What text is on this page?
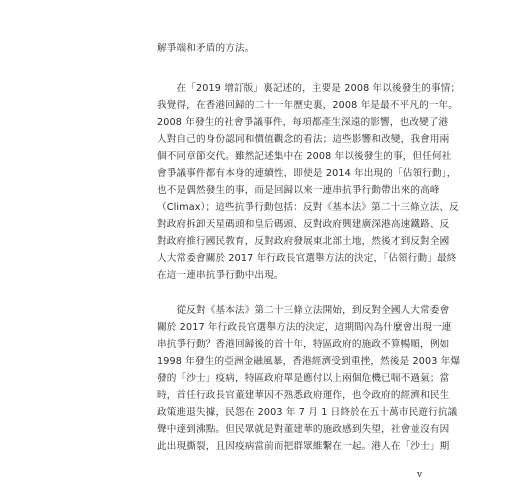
解爭端和矛盾的方法。
　　在「2019 增訂版」裏記述的，主要是 2008 年以後發生的事情；
我覺得，在香港回歸的二十一年歷史裏，2008 年是最不平凡的一年。
2008 年發生的社會爭議事件，每項都產生深遠的影響，也改變了港
人對自己的身份認同和價值觀念的看法；這些影響和改變，我會用兩
個不同章節交代。雖然記述集中在 2008 年以後發生的事，但任何社
會爭議事件都有本身的連續性，即使是 2014 年出現的「佔領行動」，
也不是偶然發生的事，而是回歸以來一連串抗爭行動帶出來的高峰
（Climax）；這些抗爭行動包括：反對《基本法》第二十三條立法、反
對政府拆卸天星碼頭和皇后碼頭、反對政府興建廣深港高速鐵路、反
對政府推行國民教育，反對政府發展東北部土地，然後才到反對全國
人大常委會關於 2017 年行政長官選舉方法的決定，「佔領行動」最終
在這一連串抗爭行動中出現。
　　從反對《基本法》第二十三條立法開始，到反對全國人大常委會
關於 2017 年行政長官選舉方法的決定，這期間內為什麼會出現一連
串抗爭行動？香港回歸後的首十年，特區政府的施政不算暢順，例如
1998 年發生的亞洲金融風暴，香港經濟受到重挫，然後是 2003 年爆
發的「沙士」疫病，特區政府單是應付以上兩個危機已喘不過氣；當
時，首任行政長官董建華因不熟悉政府運作，也令政府的經濟和民生
政策進退失據，民怨在 2003 年 7 月 1 日終於在五十萬市民遊行抗議
聲中達到沸點。但民眾就是對董建華的施政感到失望，社會並沒有因
此出現撕裂，且因疫病當前而把群眾維繫在一起。港人在「沙士」期
v
